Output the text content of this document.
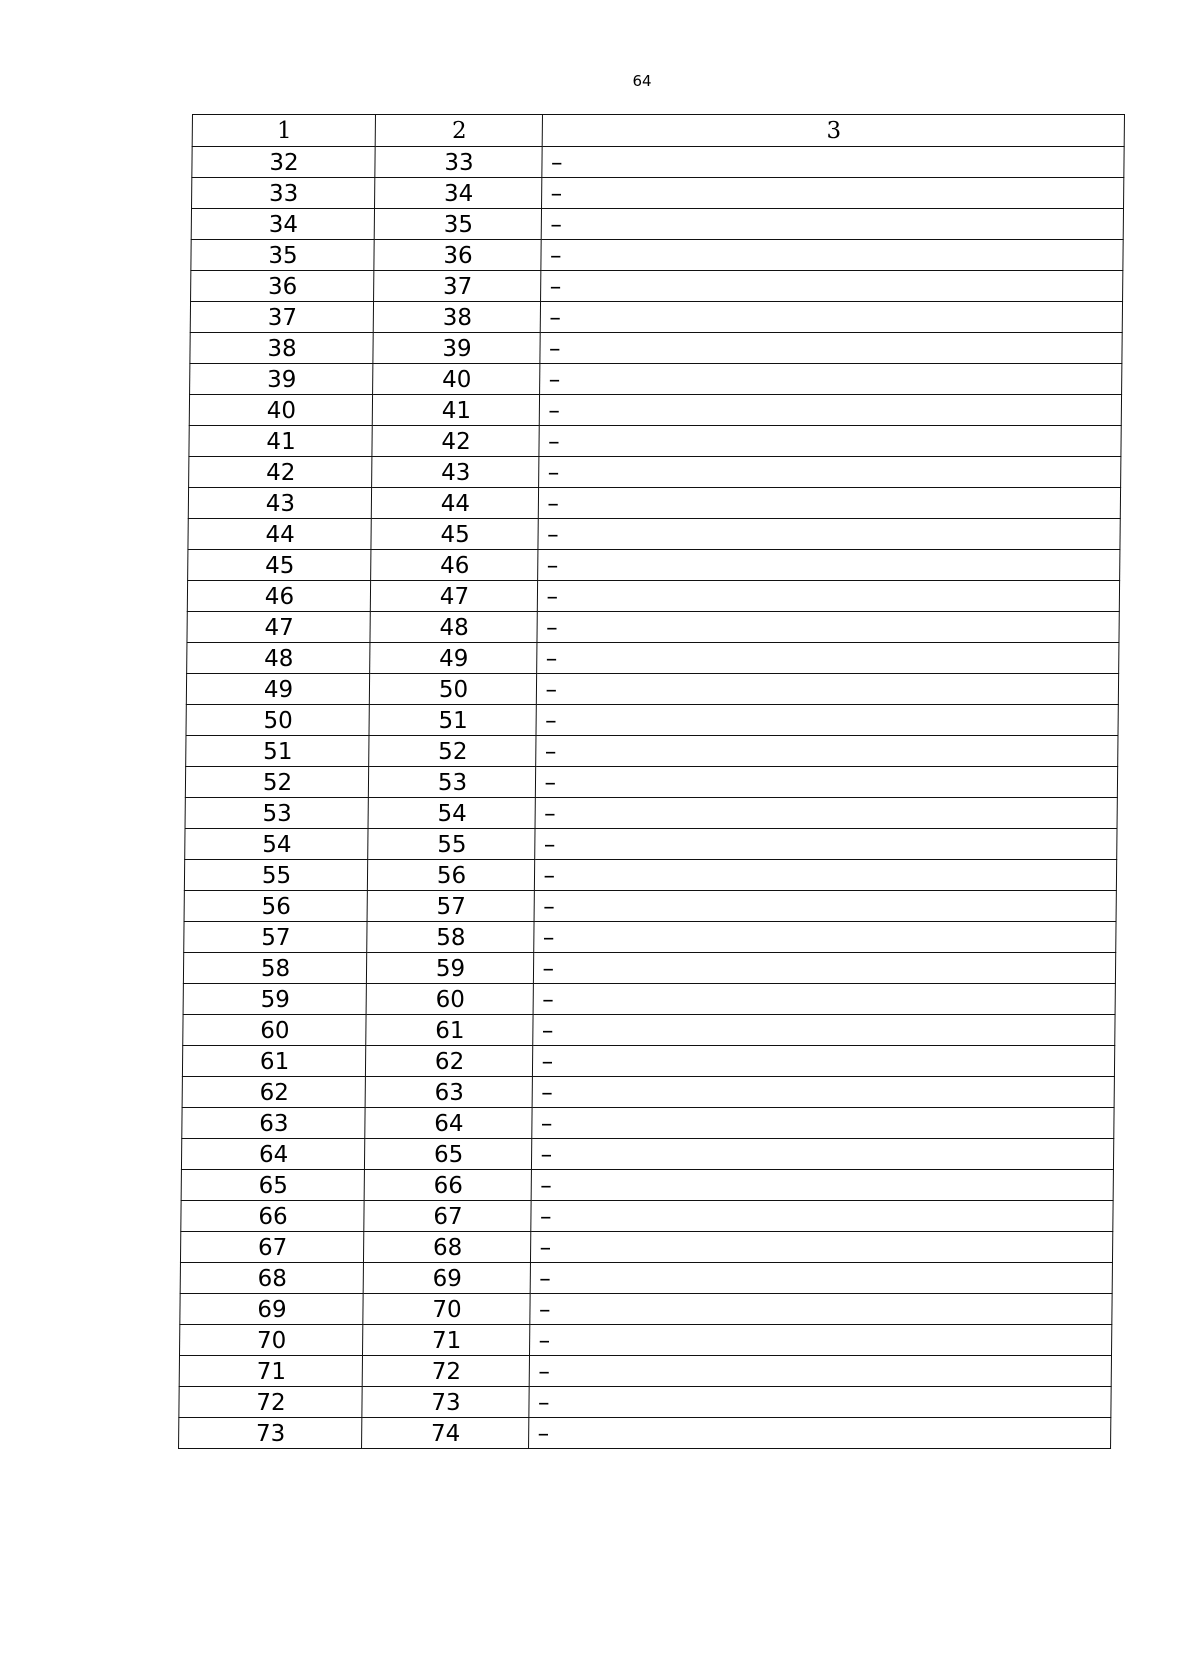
64
1	2	3
32	33	–
33	34	–
34	35	–
35	36	–
36	37	–
37	38	–
38	39	–
39	40	–
40	41	–
41	42	–
42	43	–
43	44	–
44	45	–
45	46	–
46	47	–
47	48	–
48	49	–
49	50	–
50	51	–
51	52	–
52	53	–
53	54	–
54	55	–
55	56	–
56	57	–
57	58	–
58	59	–
59	60	–
60	61	–
61	62	–
62	63	–
63	64	–
64	65	–
65	66	–
66	67	–
67	68	–
68	69	–
69	70	–
70	71	–
71	72	–
72	73	–
73	74	–
